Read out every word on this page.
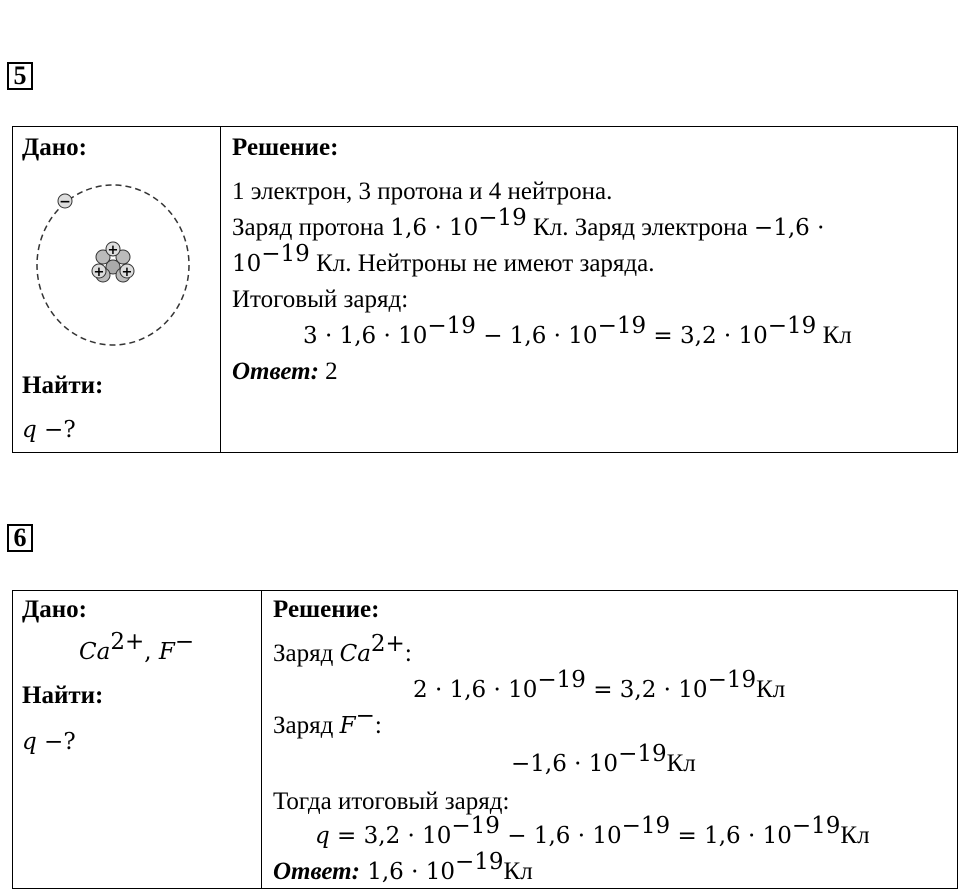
5
Дано:
−
+
+ +
Найти:
q −?
Решение:
1 электрон, 3 протона и 4 нейтрона.
Заряд протона $1,6 \cdot 10^{-19}$ Кл. Заряд электрона −1,6 ·
$10^{-19}$ Кл. Нейтроны не имеют заряда.
Итоговый заряд:
$3 \cdot 1,6 \cdot 10^{-19} - 1,6 \cdot 10^{-19} = 3,2 \cdot 10^{-19}$ Кл
Ответ: 2
6
Дано:
$Ca^{2+}$, F−
Найти:
q −?
Решение:
Заряд $Ca^{2+}$:
$2 \cdot 1,6 \cdot 10^{-19} = 3,2 \cdot 10^{-19}Кл$
Заряд F−:
$-1,6 \cdot 10^{-19}Кл$
Тогда итоговый заряд:
$q = 3,2 \cdot 10^{-19} - 1,6 \cdot 10^{-19} = 1,6 \cdot 10^{-19}Кл$
Ответ: $1,6 \cdot 10^{-19}Кл$
